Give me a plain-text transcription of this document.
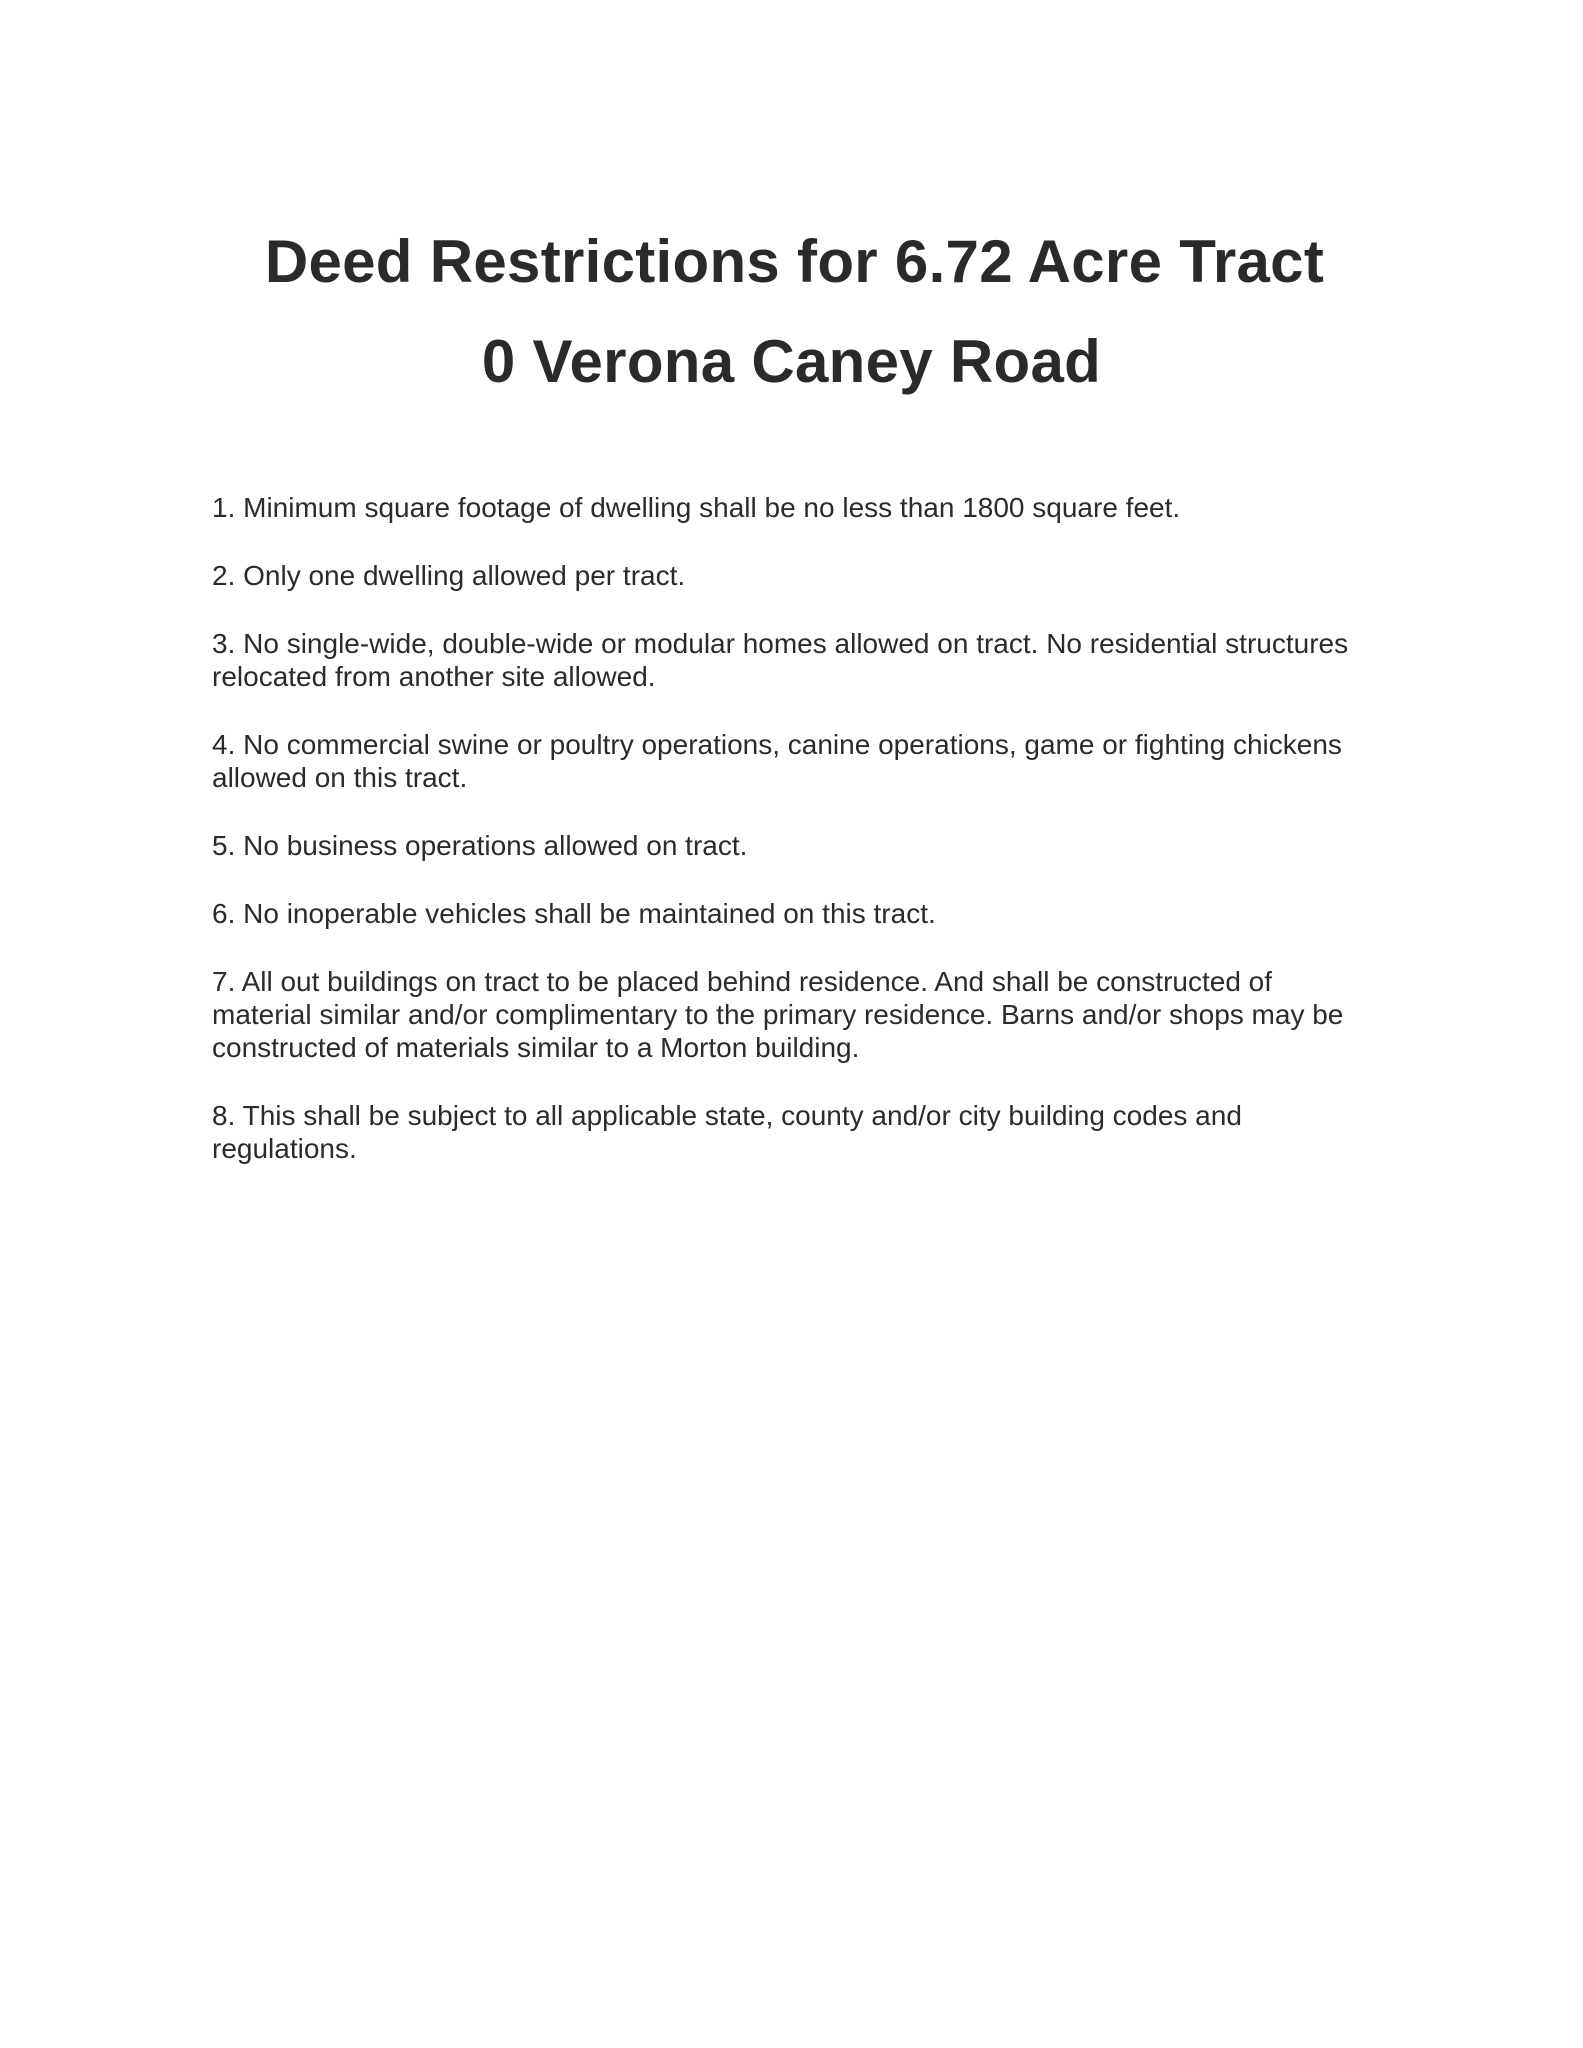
Deed Restrictions for 6.72 Acre Tract

0 Verona Caney Road

1. Minimum square footage of dwelling shall be no less than 1800 square feet.
2. Only one dwelling allowed per tract.
3. No single-wide, double-wide or modular homes allowed on tract. No residential structures relocated from another site allowed.
4. No commercial swine or poultry operations, canine operations, game or fighting chickens allowed on this tract.
5. No business operations allowed on tract.
6. No inoperable vehicles shall be maintained on this tract.
7. All out buildings on tract to be placed behind residence. And shall be constructed of material similar and/or complimentary to the primary residence. Barns and/or shops may be constructed of materials similar to a Morton building.
8. This shall be subject to all applicable state, county and/or city building codes and regulations.
